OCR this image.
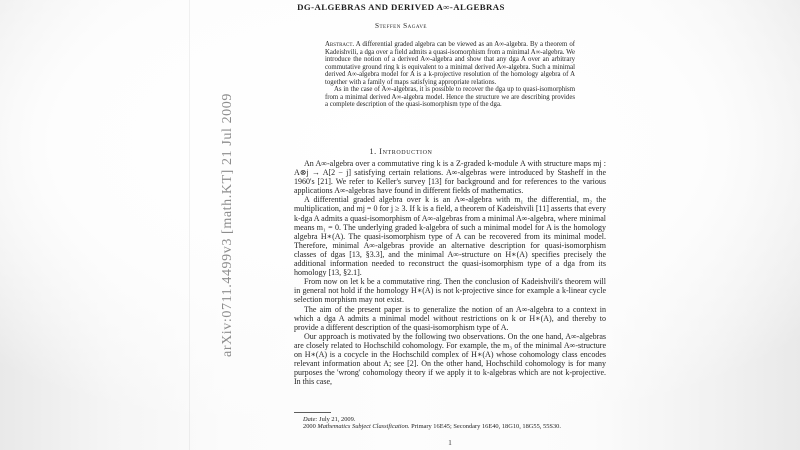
arXiv:0711.4499v3 [math.KT] 21 Jul 2009
DG-ALGEBRAS AND DERIVED A∞-ALGEBRAS
Steffen Sagave

Abstract. A differential graded algebra can be viewed as an A∞-algebra. By a theorem of Kadeishvili, a dga over a field admits a quasi-isomorphism from a minimal A∞-algebra. We introduce the notion of a derived A∞-algebra and show that any dga A over an arbitrary commutative ground ring k is equivalent to a minimal derived A∞-algebra. Such a minimal derived A∞-algebra model for A is a k-projective resolution of the homology algebra of A together with a family of maps satisfying appropriate relations.

As in the case of A∞-algebras, it is possible to recover the dga up to quasi-isomorphism from a minimal derived A∞-algebra model. Hence the structure we are describing provides a complete description of the quasi-isomorphism type of the dga.

1. Introduction

An A∞-algebra over a commutative ring k is a Z-graded k-module A with structure maps mj : A⊗j → A[2 − j] satisfying certain relations. A∞-algebras were introduced by Stasheff in the 1960's [21]. We refer to Keller's survey [13] for background and for references to the various applications A∞-algebras have found in different fields of mathematics.

A differential graded algebra over k is an A∞-algebra with m₁ the differential, m₂ the multiplication, and mj = 0 for j ≥ 3. If k is a field, a theorem of Kadeishvili [11] asserts that every k-dga A admits a quasi-isomorphism of A∞-algebras from a minimal A∞-algebra, where minimal means m₁ = 0. The underlying graded k-algebra of such a minimal model for A is the homology algebra H∗(A). The quasi-isomorphism type of A can be recovered from its minimal model. Therefore, minimal A∞-algebras provide an alternative description for quasi-isomorphism classes of dgas [13, §3.3], and the minimal A∞-structure on H∗(A) specifies precisely the additional information needed to reconstruct the quasi-isomorphism type of a dga from its homology [13, §2.1].

From now on let k be a commutative ring. Then the conclusion of Kadeishvili's theorem will in general not hold if the homology H∗(A) is not k-projective since for example a k-linear cycle selection morphism may not exist.

The aim of the present paper is to generalize the notion of an A∞-algebra to a context in which a dga A admits a minimal model without restrictions on k or H∗(A), and thereby to provide a different description of the quasi-isomorphism type of A.

Our approach is motivated by the following two observations. On the one hand, A∞-algebras are closely related to Hochschild cohomology. For example, the m₃ of the minimal A∞-structure on H∗(A) is a cocycle in the Hochschild complex of H∗(A) whose cohomology class encodes relevant information about A; see [2]. On the other hand, Hochschild cohomology is for many purposes the 'wrong' cohomology theory if we apply it to k-algebras which are not k-projective. In this case,

Date: July 21, 2009.

2000 Mathematics Subject Classification. Primary 16E45; Secondary 16E40, 18G10, 18G55, 55S30.

1
